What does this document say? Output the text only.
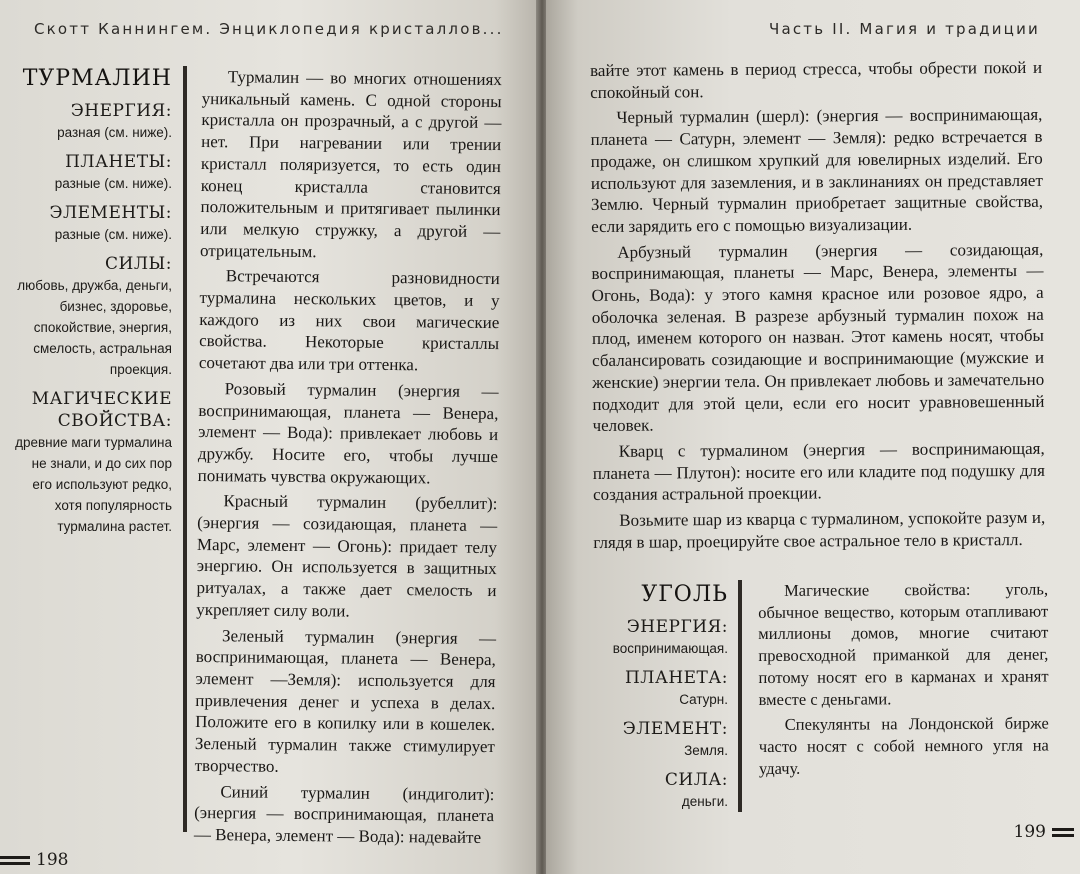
Скотт Каннингем. Энциклопедия кристаллов...
ТУРМАЛИН
ЭНЕРГИЯ:
разная (см. ниже).
ПЛАНЕТЫ:
разные (см. ниже).
ЭЛЕМЕНТЫ:
разные (см. ниже).
СИЛЫ:
любовь, дружба, деньги, бизнес, здоровье, спокойствие, энергия, смелость, астральная проекция.
МАГИЧЕСКИЕ СВОЙСТВА:
древние маги турмалина не знали, и до сих пор его используют редко, хотя популярность турмалина растет.

Турмалин — во многих отношениях уникальный камень. С одной стороны кристалла он прозрачный, а с другой — нет. При нагревании или трении кристалл поляризуется, то есть один конец кристалла становится положительным и притягивает пылинки или мелкую стружку, а другой — отрицательным.

Встречаются разновидности турмалина нескольких цветов, и у каждого из них свои магические свойства. Некоторые кристаллы сочетают два или три оттенка.

Розовый турмалин (энергия — воспринимающая, планета — Венера, элемент — Вода): привлекает любовь и дружбу. Носите его, чтобы лучше понимать чувства окружающих.

Красный турмалин (рубеллит): (энергия — созидающая, планета — Марс, элемент — Огонь): придает телу энергию. Он используется в защитных ритуалах, а также дает смелость и укрепляет силу воли.

Зеленый турмалин (энергия — воспринимающая, планета — Венера, элемент —Земля): используется для привлечения денег и успеха в делах. Положите его в копилку или в кошелек. Зеленый турмалин также стимулирует творчество.

Синий турмалин (индиголит): (энергия — воспринимающая, планета — Венера, элемент — Вода): надевайте

198
Часть II. Магия и традиции
199

вайте этот камень в период стресса, чтобы обрести покой и спокойный сон.

Черный турмалин (шерл): (энергия — воспринимающая, планета — Сатурн, элемент — Земля): редко встречается в продаже, он слишком хрупкий для ювелирных изделий. Его используют для заземления, и в заклинаниях он представляет Землю. Черный турмалин приобретает защитные свойства, если зарядить его с помощью визуализации.

Арбузный турмалин (энергия — созидающая, воспринимающая, планеты — Марс, Венера, элементы — Огонь, Вода): у этого камня красное или розовое ядро, а оболочка зеленая. В разрезе арбузный турмалин похож на плод, именем которого он назван. Этот камень носят, чтобы сбалансировать созидающие и воспринимающие (мужские и женские) энергии тела. Он привлекает любовь и замечательно подходит для этой цели, если его носит уравновешенный человек.

Кварц с турмалином (энергия — воспринимающая, планета — Плутон): носите его или кладите под подушку для создания астральной проекции.

Возьмите шар из кварца с турмалином, успокойте разум и, глядя в шар, проецируйте свое астральное тело в кристалл.

УГОЛЬ
ЭНЕРГИЯ:
воспринимающая.
ПЛАНЕТА:
Сатурн.
ЭЛЕМЕНТ:
Земля.
СИЛА:
деньги.

Магические свойства: уголь, обычное вещество, которым отапливают миллионы домов, многие считают превосходной приманкой для денег, потому носят его в карманах и хранят вместе с деньгами.

Спекулянты на Лондонской бирже часто носят с собой немного угля на удачу.
